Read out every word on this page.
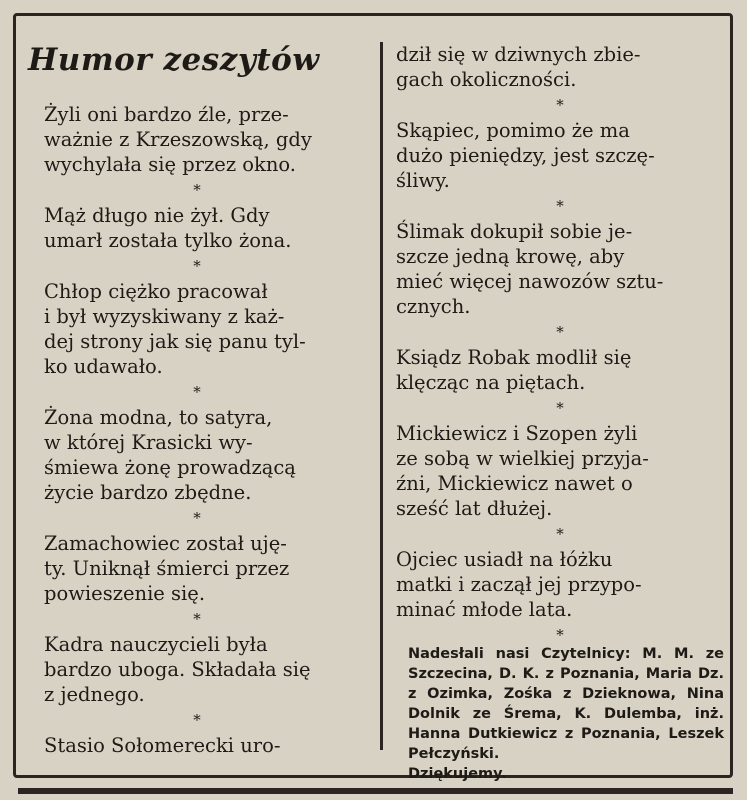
Humor zeszytów

Żyli oni bardzo źle, prze-
ważnie z Krzeszowską, gdy
wychylała się przez okno.

*

Mąż długo nie żył. Gdy
umarł została tylko żona.

*

Chłop ciężko pracował
i był wyzyskiwany z każ-
dej strony jak się panu tyl-
ko udawało.

*

Żona modna, to satyra,
w której Krasicki wy-
śmiewa żonę prowadzącą
życie bardzo zbędne.

*

Zamachowiec został uję-
ty. Uniknął śmierci przez
powieszenie się.

*

Kadra nauczycieli była
bardzo uboga. Składała się
z jednego.

*

Stasio Sołomerecki uro-

dził się w dziwnych zbie-
gach okoliczności.

*

Skąpiec, pomimo że ma
dużo pieniędzy, jest szczę-
śliwy.

*

Ślimak dokupił sobie je-
szcze jedną krowę, aby
mieć więcej nawozów sztu-
cznych.

*

Ksiądz Robak modlił się
klęcząc na piętach.

*

Mickiewicz i Szopen żyli
ze sobą w wielkiej przyja-
źni, Mickiewicz nawet o
sześć lat dłużej.

*

Ojciec usiadł na łóżku
matki i zaczął jej przypo-
minać młode lata.

*

Nadesłali nasi Czytelnicy: M. M. ze Szczecina, D. K. z Poznania, Maria Dz. z Ozimka, Zośka z Dzieknowa, Nina Dolnik ze Śrema, K. Dulemba, inż. Hanna Dutkiewicz z Poznania, Leszek Pełczyński.
Dziękujemy.
